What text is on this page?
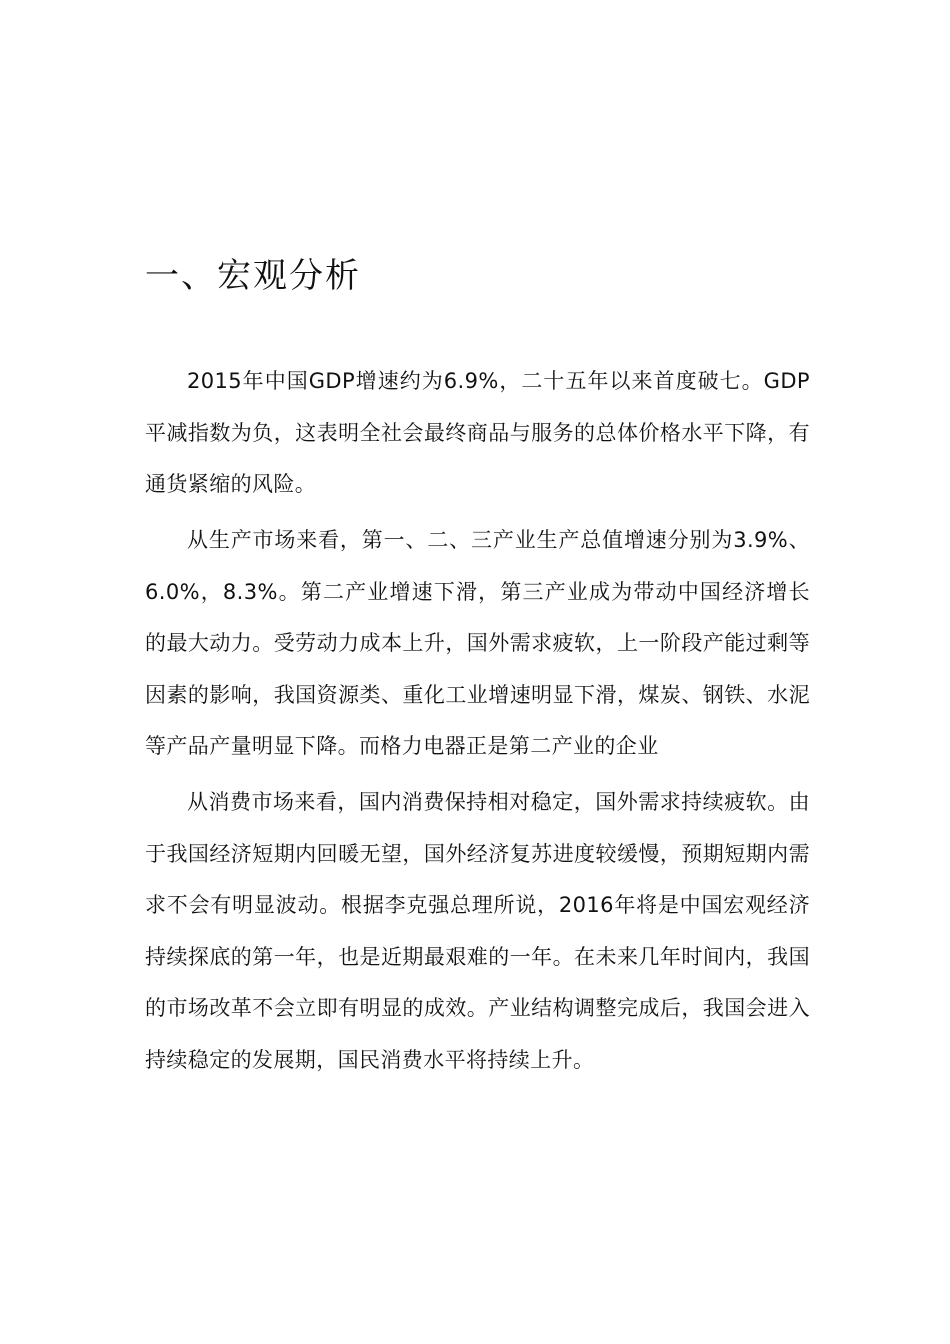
一、宏观分析

2015年中国GDP增速约为6.9%，二十五年以来首度破七。GDP平减指数为负，这表明全社会最终商品与服务的总体价格水平下降，有通货紧缩的风险。

从生产市场来看，第一、二、三产业生产总值增速分别为3.9%、6.0%，8.3%。第二产业增速下滑，第三产业成为带动中国经济增长的最大动力。受劳动力成本上升，国外需求疲软，上一阶段产能过剩等因素的影响，我国资源类、重化工业增速明显下滑，煤炭、钢铁、水泥等产品产量明显下降。而格力电器正是第二产业的企业

从消费市场来看，国内消费保持相对稳定，国外需求持续疲软。由于我国经济短期内回暖无望，国外经济复苏进度较缓慢，预期短期内需求不会有明显波动。根据李克强总理所说，2016年将是中国宏观经济持续探底的第一年，也是近期最艰难的一年。在未来几年时间内，我国的市场改革不会立即有明显的成效。产业结构调整完成后，我国会进入持续稳定的发展期，国民消费水平将持续上升。
